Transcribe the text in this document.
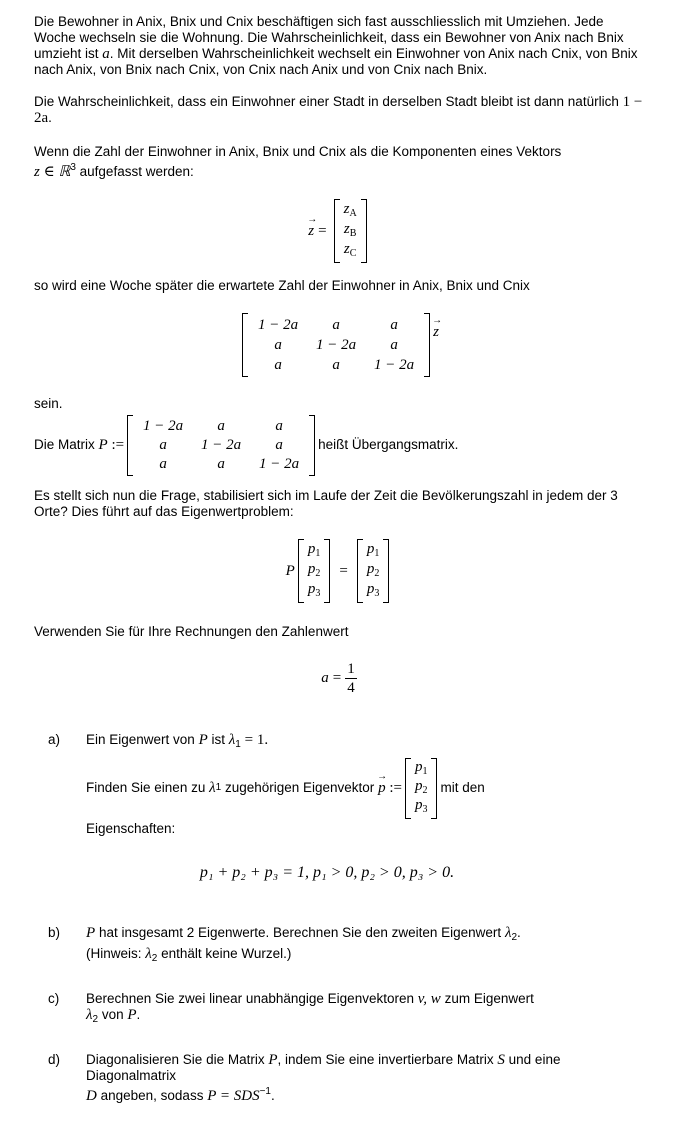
Die Bewohner in Anix, Bnix und Cnix beschäftigen sich fast ausschliesslich mit Umziehen. Jede Woche wechseln sie die Wohnung. Die Wahrscheinlichkeit, dass ein Bewohner von Anix nach Bnix umzieht ist a. Mit derselben Wahrscheinlichkeit wechselt ein Einwohner von Anix nach Cnix, von Bnix nach Anix, von Bnix nach Cnix, von Cnix nach Anix und von Cnix nach Bnix.

Die Wahrscheinlichkeit, dass ein Einwohner einer Stadt in derselben Stadt bleibt ist dann natürlich 1 − 2a.

Wenn die Zahl der Einwohner in Anix, Bnix und Cnix als die Komponenten eines Vektors
z ∈ ℝ$^3$ aufgefasst werden:

→ z =
$z_A$
$z_B$
$z_C$

so wird eine Woche später die erwartete Zahl der Einwohner in Anix, Bnix und Cnix

1 − 2a a	a
a 1 − 2a a
a	a 1 − 2a
→ z

sein.

Die Matrix
P
:=
1 − 2a a	a
a 1 − 2a a
a	a 1 − 2a
heißt Übergangsmatrix.

Es stellt sich nun die Frage, stabilisiert sich im Laufe der Zeit die Bevölkerungszahl in jedem der 3 Orte? Dies führt auf das Eigenwertproblem:

P
$p_1$
$p_2$
$p_3$
=
$p_1$
$p_2$
$p_3$

Verwenden Sie für Ihre Rechnungen den Zahlenwert

$a = \frac{1}{4}$
a)	Ein Eigenwert von P ist $\lambda_1 = 1$.

Finden Sie einen zu
λ 1
zugehörigen Eigenvektor

→ p
:=
$p_1$
$p_2$
$p_3$
mit den

Eigenschaften:

p₁ + p₂ + p₃ = 1, p₁ > 0, p₂ > 0, p₃ > 0.
b)	P hat insgesamt 2 Eigenwerte. Berechnen Sie den zweiten Eigenwert $\lambda_2$.

(Hinweis: $\lambda_2$ enthält keine Wurzel.)

c)	Berechnen Sie zwei linear unabhängige Eigenvektoren v, w zum Eigenwert

$\lambda_2$ von P.

d)	Diagonalisieren Sie die Matrix P, indem Sie eine invertierbare Matrix S und eine Diagonalmatrix

D angeben, sodass $P = SDS^{-1}$.
